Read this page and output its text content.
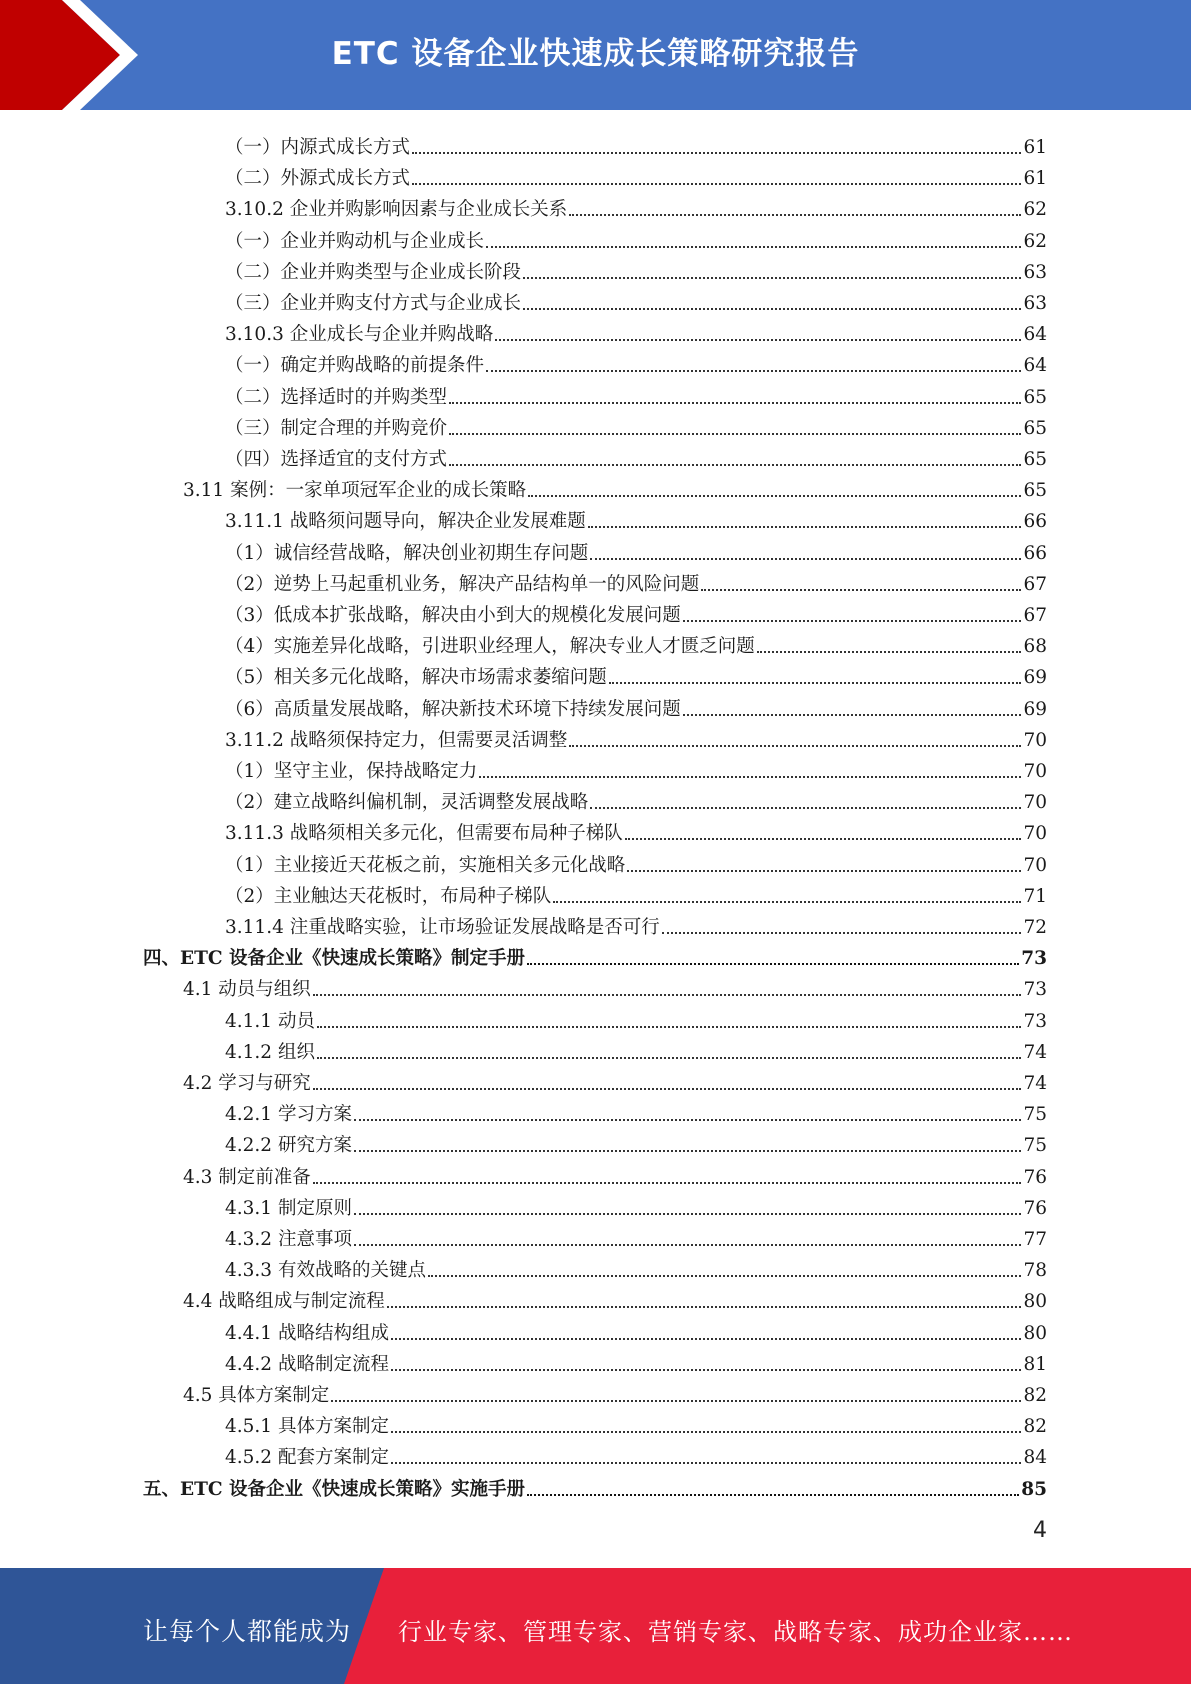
ETC 设备企业快速成长策略研究报告
（一）内源式成长方式	61
（二）外源式成长方式	61
3.10.2 企业并购影响因素与企业成长关系	62
（一）企业并购动机与企业成长	62
（二）企业并购类型与企业成长阶段	63
（三）企业并购支付方式与企业成长	63
3.10.3 企业成长与企业并购战略	64
（一）确定并购战略的前提条件	64
（二）选择适时的并购类型	65
（三）制定合理的并购竞价	65
（四）选择适宜的支付方式	65
3.11 案例：一家单项冠军企业的成长策略	65
3.11.1 战略须问题导向，解决企业发展难题	66
（1）诚信经营战略，解决创业初期生存问题	66
（2）逆势上马起重机业务，解决产品结构单一的风险问题	67
（3）低成本扩张战略，解决由小到大的规模化发展问题	67
（4）实施差异化战略，引进职业经理人，解决专业人才匮乏问题	68
（5）相关多元化战略，解决市场需求萎缩问题	69
（6）高质量发展战略，解决新技术环境下持续发展问题	69
3.11.2 战略须保持定力，但需要灵活调整	70
（1）坚守主业，保持战略定力	70
（2）建立战略纠偏机制，灵活调整发展战略	70
3.11.3 战略须相关多元化，但需要布局种子梯队	70
（1）主业接近天花板之前，实施相关多元化战略	70
（2）主业触达天花板时，布局种子梯队	71
3.11.4 注重战略实验，让市场验证发展战略是否可行	72
四、ETC 设备企业《快速成长策略》制定手册	73
4.1 动员与组织	73
4.1.1 动员	73
4.1.2 组织	74
4.2 学习与研究	74
4.2.1 学习方案	75
4.2.2 研究方案	75
4.3 制定前准备	76
4.3.1 制定原则	76
4.3.2 注意事项	77
4.3.3 有效战略的关键点	78
4.4 战略组成与制定流程	80
4.4.1 战略结构组成	80
4.4.2 战略制定流程	81
4.5 具体方案制定	82
4.5.1 具体方案制定	82
4.5.2 配套方案制定	84
五、ETC 设备企业《快速成长策略》实施手册	85
4
让每个人都能成为 行业专家、管理专家、营销专家、战略专家、成功企业家……
